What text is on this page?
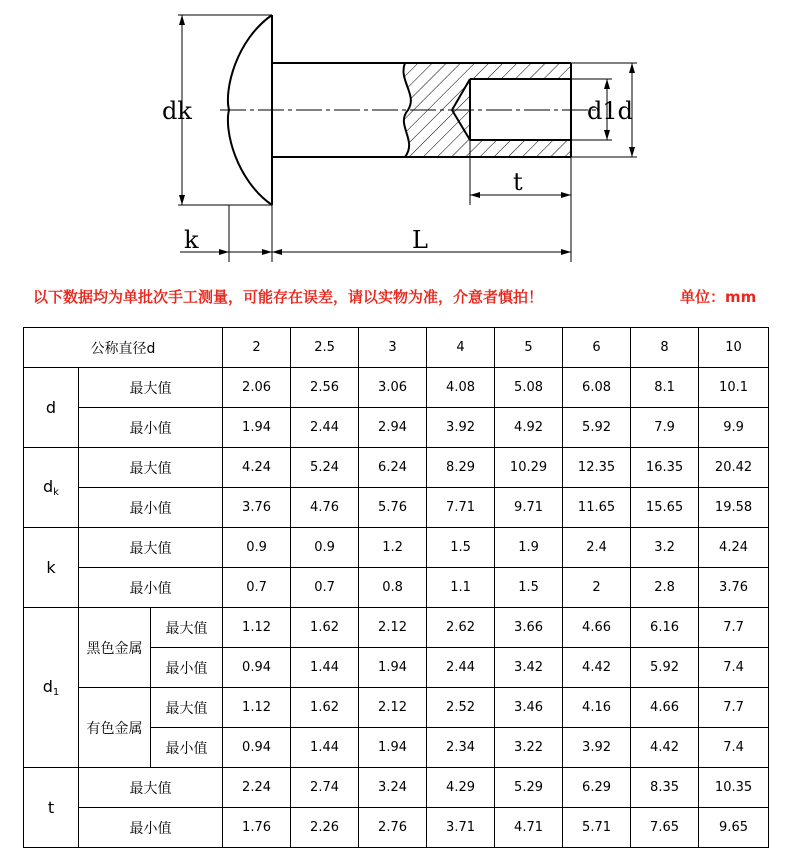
dk	d1d
t
k	L
以下数据均为单批次手工测量，可能存在误差，请以实物为准，介意者慎拍！	单位：mm
公称直径d			2	2.5	3	4	5	6	8	10
d	最大值		2.06	2.56	3.06	4.08	5.08	6.08	8.1	10.1
	最小值		1.94	2.44	2.94	3.92	4.92	5.92	7.9	9.9
$d_k$	最大值		4.24	5.24	6.24	8.29	10.29	12.35	16.35	20.42
	最小值		3.76	4.76	5.76	7.71	9.71	11.65	15.65	19.58
k	最大值		0.9	0.9	1.2	1.5	1.9	2.4	3.2	4.24
	最小值		0.7	0.7	0.8	1.1	1.5	2	2.8	3.76
$d_1$	黑色金属	最大值	1.12	1.62	2.12	2.62	3.66	4.66	6.16	7.7
		最小值	0.94	1.44	1.94	2.44	3.42	4.42	5.92	7.4
	有色金属	最大值	1.12	1.62	2.12	2.52	3.46	4.16	4.66	7.7
		最小值	0.94	1.44	1.94	2.34	3.22	3.92	4.42	7.4
t	最大值		2.24	2.74	3.24	4.29	5.29	6.29	8.35	10.35
	最小值		1.76	2.26	2.76	3.71	4.71	5.71	7.65	9.65
